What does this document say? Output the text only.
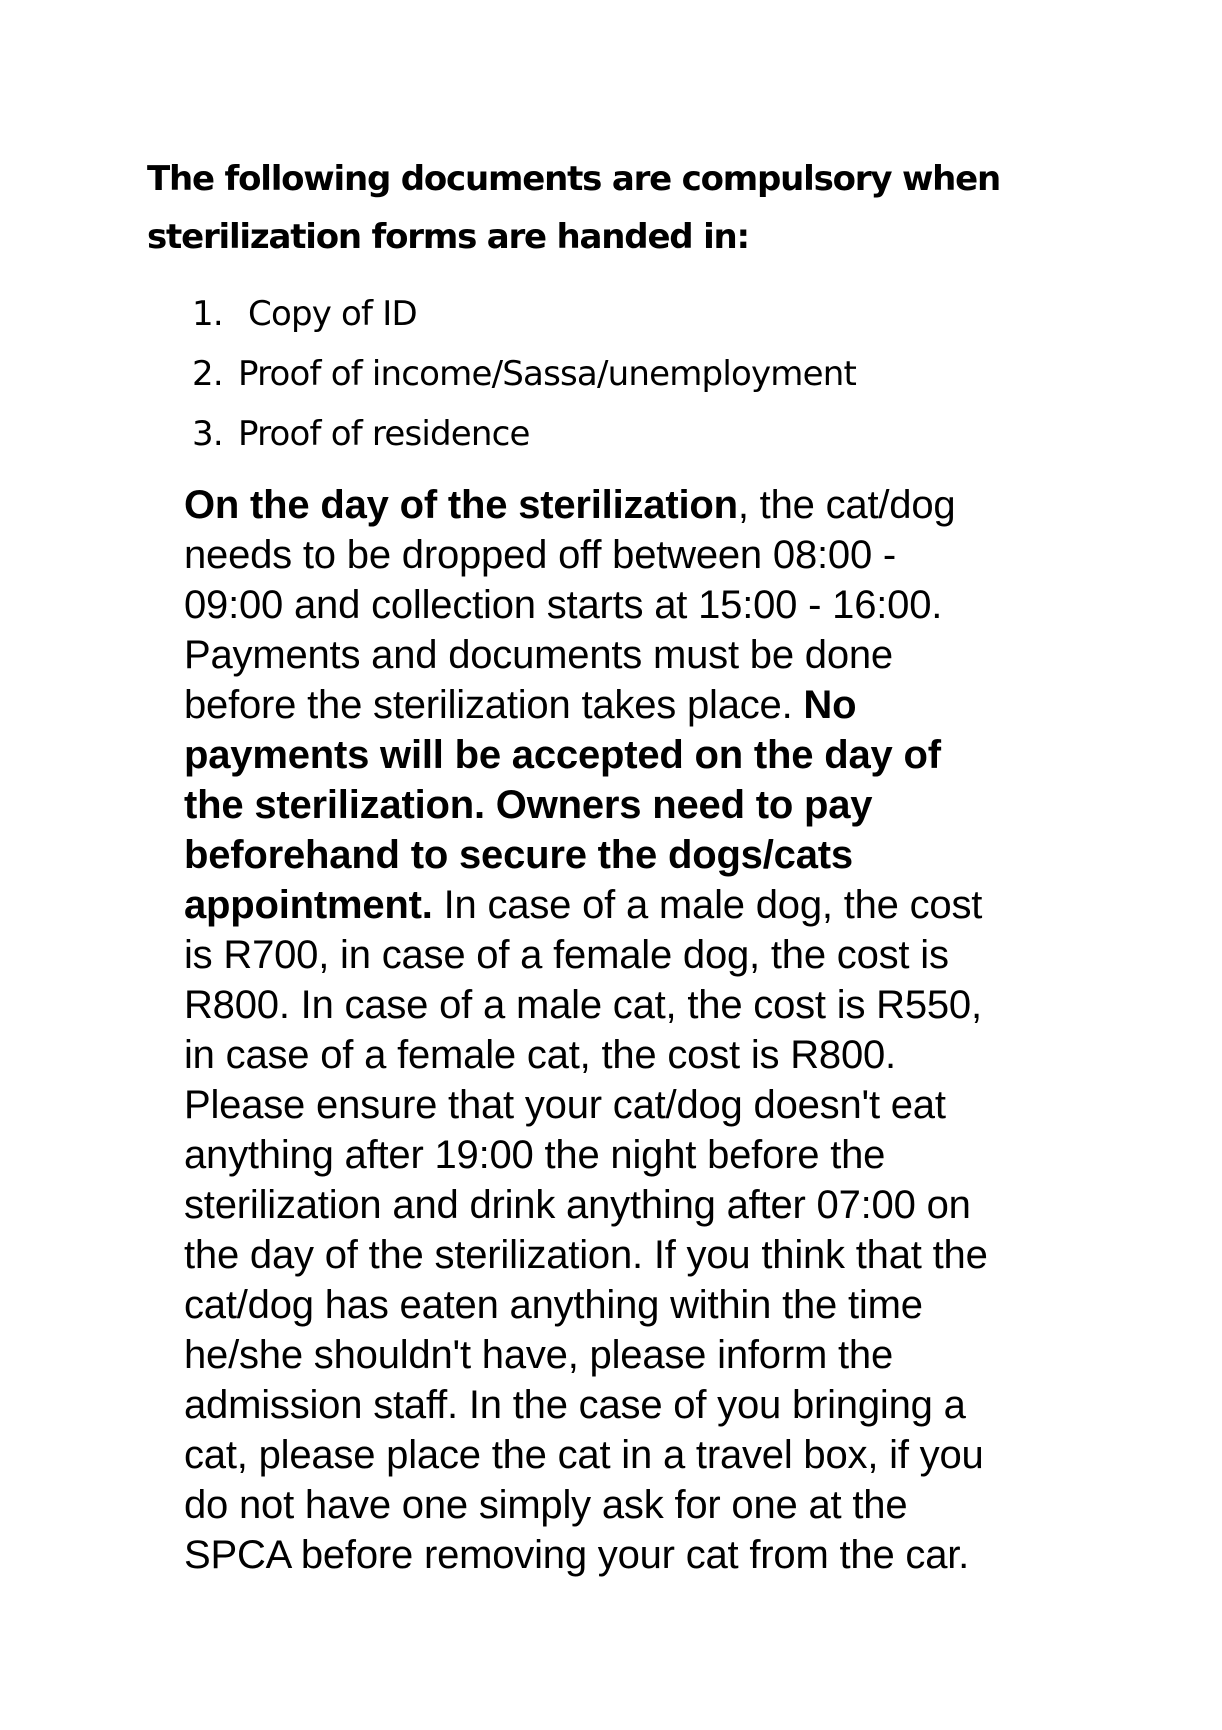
The following documents are compulsory when
sterilization forms are handed in:
1. Copy of ID
2. Proof of income/Sassa/unemployment
3. Proof of residence

On the day of the sterilization, the cat/dog
needs to be dropped off between 08:00 -
09:00 and collection starts at 15:00 - 16:00.
Payments and documents must be done
before the sterilization takes place. No
payments will be accepted on the day of
the sterilization. Owners need to pay
beforehand to secure the dogs/cats
appointment. In case of a male dog, the cost
is R700, in case of a female dog, the cost is
R800. In case of a male cat, the cost is R550,
in case of a female cat, the cost is R800.
Please ensure that your cat/dog doesn't eat
anything after 19:00 the night before the
sterilization and drink anything after 07:00 on
the day of the sterilization. If you think that the
cat/dog has eaten anything within the time
he/she shouldn't have, please inform the
admission staff. In the case of you bringing a
cat, please place the cat in a travel box, if you
do not have one simply ask for one at the
SPCA before removing your cat from the car.
